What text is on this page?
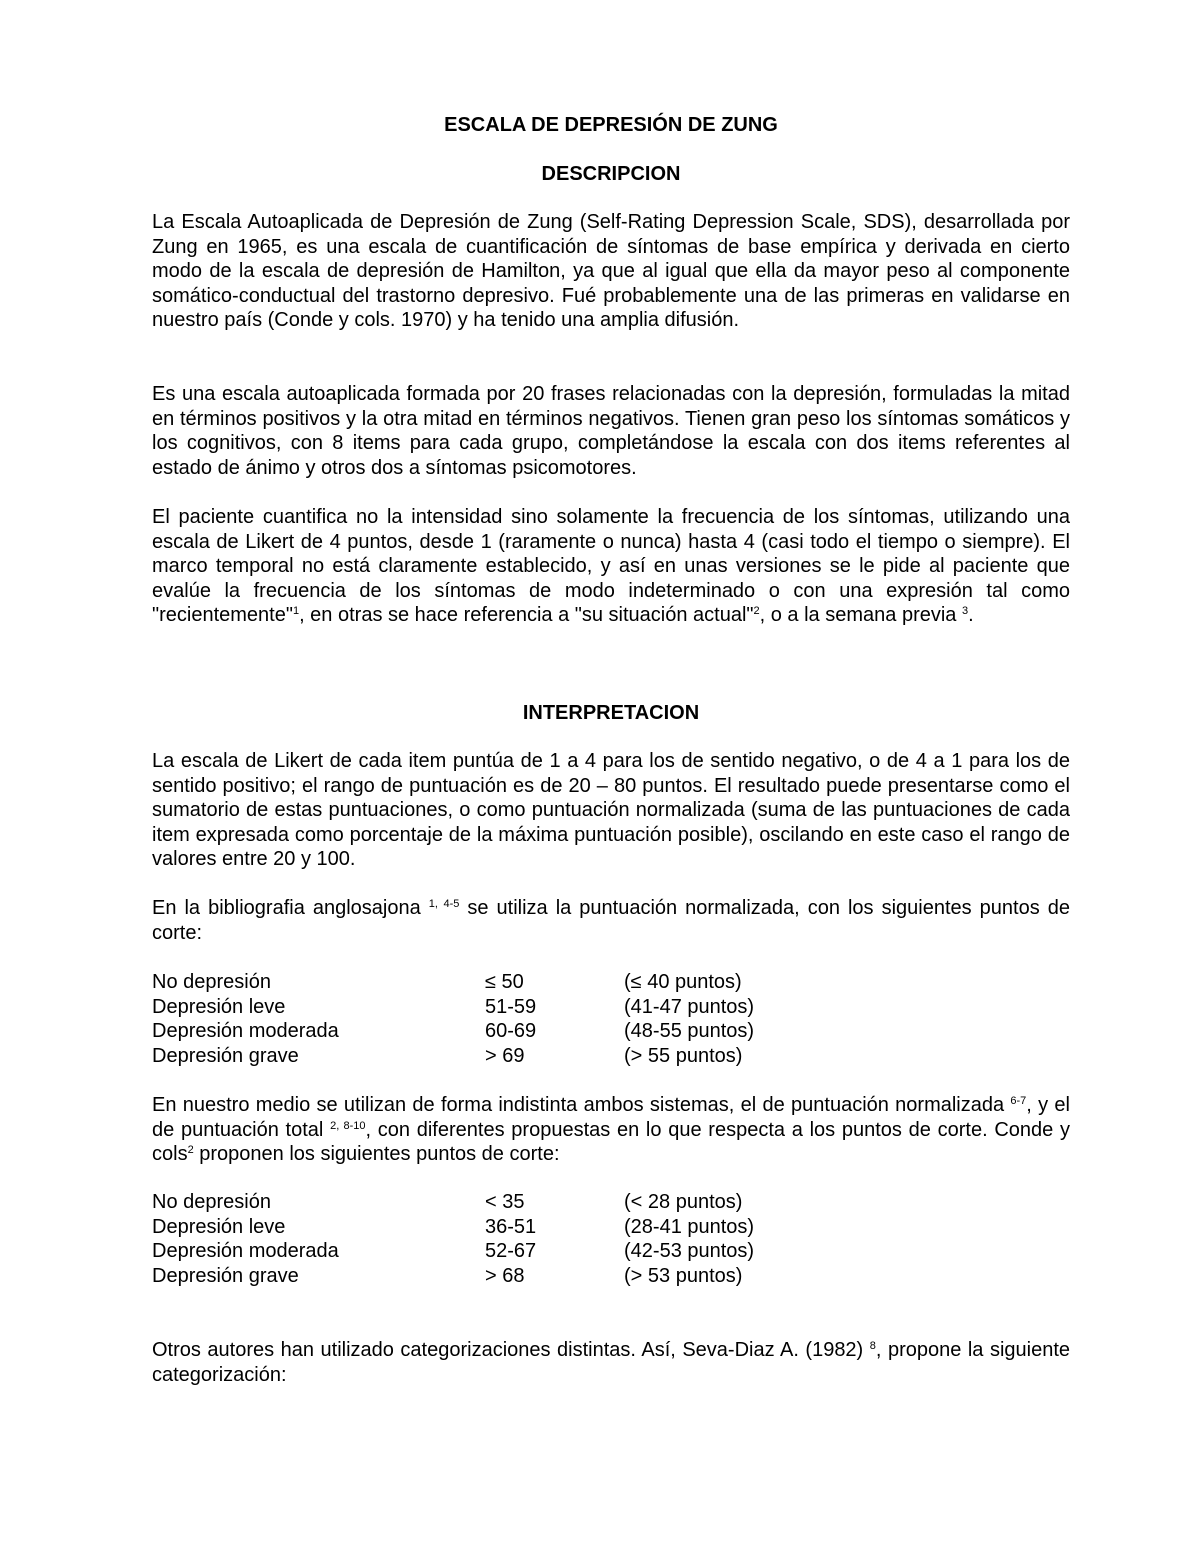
ESCALA DE DEPRESIÓN DE ZUNG
DESCRIPCION
La Escala Autoaplicada de Depresión de Zung (Self-Rating Depression Scale, SDS), desarrollada por Zung en 1965, es una escala de cuantificación de síntomas de base empírica y derivada en cierto modo de la escala de depresión de Hamilton, ya que al igual que ella da mayor peso al componente somático-conductual del trastorno depresivo. Fué probablemente una de las primeras en validarse en nuestro país (Conde y cols. 1970) y ha tenido una amplia difusión.
Es una escala autoaplicada formada por 20 frases relacionadas con la depresión, formuladas la mitad en términos positivos y la otra mitad en términos negativos. Tienen gran peso los síntomas somáticos y los cognitivos, con 8 items para cada grupo, completándose la escala con dos items referentes al estado de ánimo y otros dos a síntomas psicomotores.
El paciente cuantifica no la intensidad sino solamente la frecuencia de los síntomas, utilizando una escala de Likert de 4 puntos, desde 1 (raramente o nunca) hasta 4 (casi todo el tiempo o siempre). El marco temporal no está claramente establecido, y así en unas versiones se le pide al paciente que evalúe la frecuencia de los síntomas de modo indeterminado o con una expresión tal como "recientemente"$^1$, en otras se hace referencia a "su situación actual"$^2$, o a la semana previa $^3$.
INTERPRETACION
La escala de Likert de cada item puntúa de 1 a 4 para los de sentido negativo, o de 4 a 1 para los de sentido positivo; el rango de puntuación es de 20 – 80 puntos. El resultado puede presentarse como el sumatorio de estas puntuaciones, o como puntuación normalizada (suma de las puntuaciones de cada item expresada como porcentaje de la máxima puntuación posible), oscilando en este caso el rango de valores entre 20 y 100.
En la bibliografia anglosajona $^{1, 4-5}$ se utiliza la puntuación normalizada, con los siguientes puntos de corte:
No depresión	≤ 50	(≤ 40 puntos)
Depresión leve	51-59	(41-47 puntos)
Depresión moderada	60-69	(48-55 puntos)
Depresión grave	> 69	(> 55 puntos)
En nuestro medio se utilizan de forma indistinta ambos sistemas, el de puntuación normalizada $^{6-7}$, y el de puntuación total $^{2, 8-10}$, con diferentes propuestas en lo que respecta a los puntos de corte. Conde y cols$^2$ proponen los siguientes puntos de corte:
No depresión	< 35	(< 28 puntos)
Depresión leve	36-51	(28-41 puntos)
Depresión moderada	52-67	(42-53 puntos)
Depresión grave	> 68	(> 53 puntos)
Otros autores han utilizado categorizaciones distintas. Así, Seva-Diaz A. (1982) $^8$, propone la siguiente categorización:
